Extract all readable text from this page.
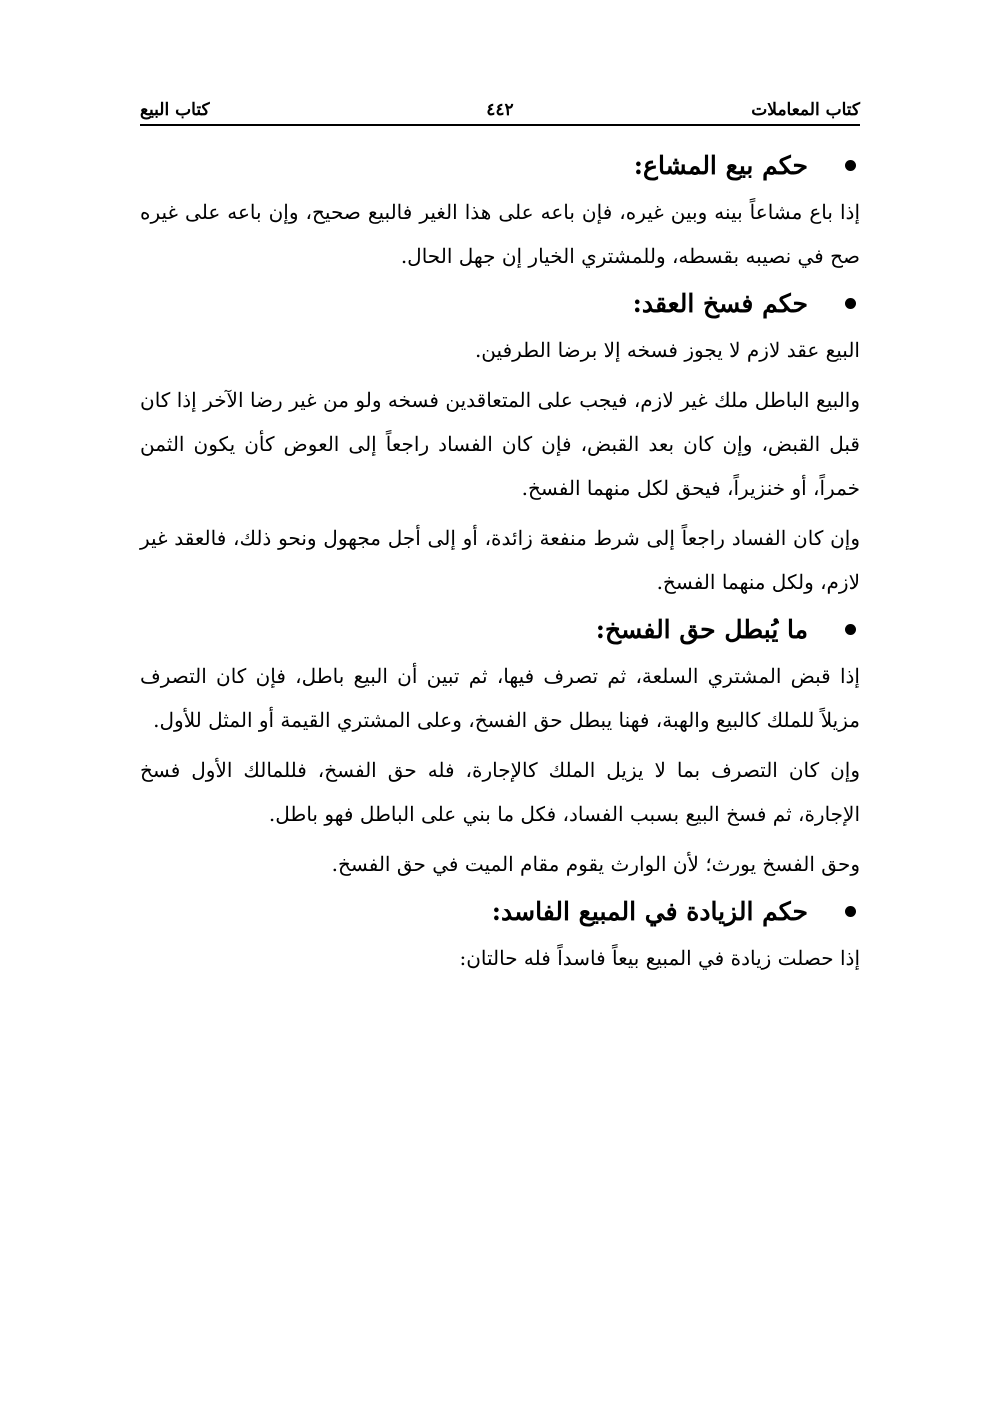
كتاب المعاملات
٤٤٢
كتاب البيع
حكم بيع المشاع:

إذا باع مشاعاً بينه وبين غيره، فإن باعه على هذا الغير فالبيع صحيح، وإن باعه على غيره صح في نصيبه بقسطه، وللمشتري الخيار إن جهل الحال.

حكم فسخ العقد:

البيع عقد لازم لا يجوز فسخه إلا برضا الطرفين.

والبيع الباطل ملك غير لازم، فيجب على المتعاقدين فسخه ولو من غير رضا الآخر إذا كان قبل القبض، وإن كان بعد القبض، فإن كان الفساد راجعاً إلى العوض كأن يكون الثمن خمراً، أو خنزيراً، فيحق لكل منهما الفسخ.

وإن كان الفساد راجعاً إلى شرط منفعة زائدة، أو إلى أجل مجهول ونحو ذلك، فالعقد غير لازم، ولكل منهما الفسخ.

ما يُبطل حق الفسخ:

إذا قبض المشتري السلعة، ثم تصرف فيها، ثم تبين أن البيع باطل، فإن كان التصرف مزيلاً للملك كالبيع والهبة، فهنا يبطل حق الفسخ، وعلى المشتري القيمة أو المثل للأول.

وإن كان التصرف بما لا يزيل الملك كالإجارة، فله حق الفسخ، فللمالك الأول فسخ الإجارة، ثم فسخ البيع بسبب الفساد، فكل ما بني على الباطل فهو باطل.

وحق الفسخ يورث؛ لأن الوارث يقوم مقام الميت في حق الفسخ.

حكم الزيادة في المبيع الفاسد:

إذا حصلت زيادة في المبيع بيعاً فاسداً فله حالتان:
